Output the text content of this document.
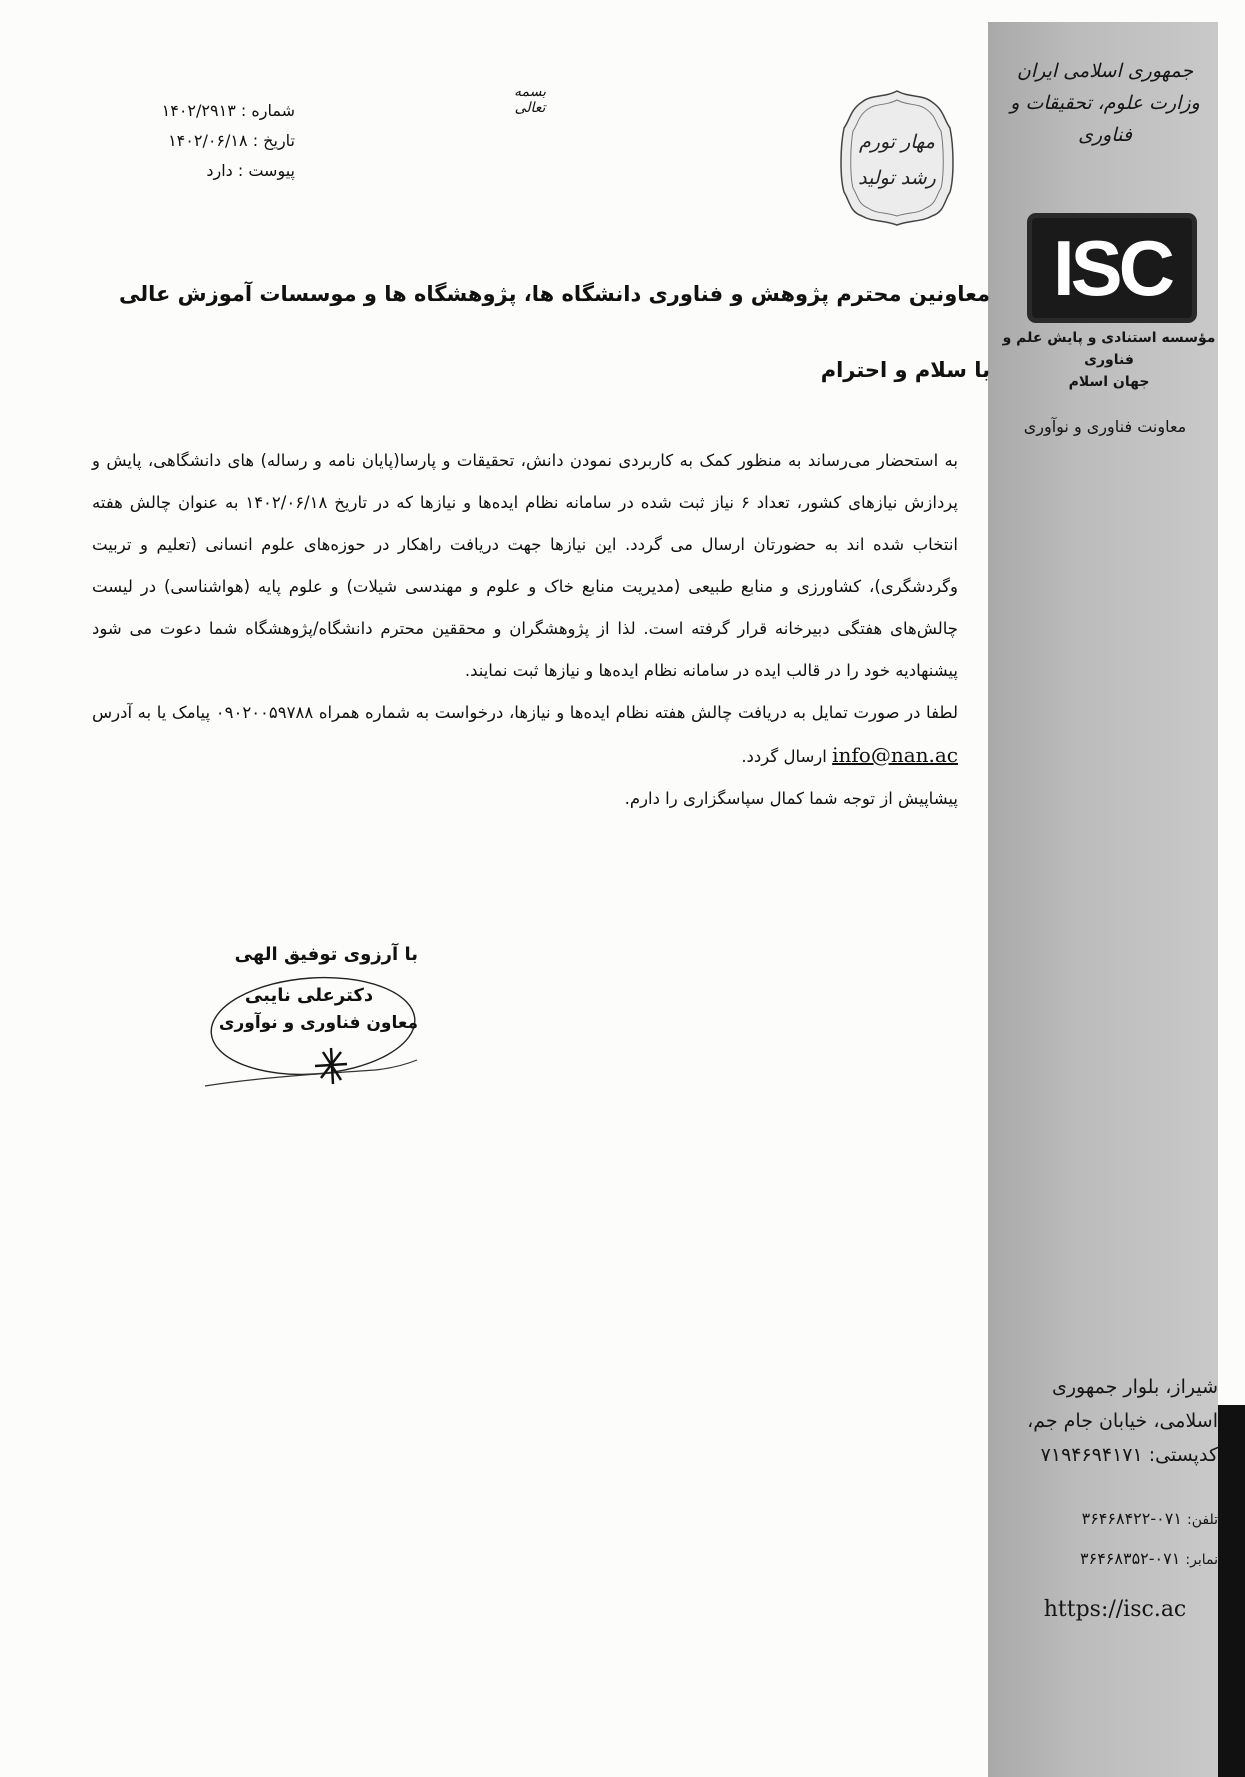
جمهوری اسلامی ایران
وزارت علوم، تحقیقات و فناوری
ISC
مؤسسه استنادی و پایش علم و فناوری
جهان اسلام
معاونت فناوری و نوآوری
شیراز، بلوار جمهوری
اسلامی، خیابان جام جم،
کدپستی: ۷۱۹۴۶۹۴۱۷۱
تلفن: ۰۷۱-۳۶۴۶۸۴۲۲
نمابر: ۰۷۱-۳۶۴۶۸۳۵۲
https://isc.ac
بسمه تعالی
مهار تورم
رشد تولید
شماره : ۱۴۰۲/۲۹۱۳
تاریخ : ۱۴۰۲/۰۶/۱۸
پیوست : دارد
معاونین محترم پژوهش و فناوری دانشگاه ها، پژوهشگاه ها و موسسات آموزش عالی
با سلام و احترام

به استحضار می‌رساند به منظور کمک به کاربردی نمودن دانش، تحقیقات و پارسا(پایان نامه و رساله) های دانشگاهی، پایش و پردازش نیازهای کشور، تعداد ۶ نیاز ثبت شده در سامانه نظام ایده‌ها و نیازها که در تاریخ ۱۴۰۲/۰۶/۱۸ به عنوان چالش هفته انتخاب شده اند به حضورتان ارسال می گردد. این نیازها جهت دریافت راهکار در حوزه‌های علوم انسانی (تعلیم و تربیت وگردشگری)، کشاورزی و منابع طبیعی (مدیریت منابع خاک و علوم و مهندسی شیلات) و علوم پایه (هواشناسی) در لیست چالش‌های هفتگی دبیرخانه قرار گرفته است. لذا از پژوهشگران و محققین محترم دانشگاه/پژوهشگاه شما دعوت می شود پیشنهادیه خود را در قالب ایده در سامانه نظام ایده‌ها و نیازها ثبت نمایند.

لطفا در صورت تمایل به دریافت چالش هفته نظام ایده‌ها و نیازها، درخواست به شماره همراه ۰۹۰۲۰۰۵۹۷۸۸ پیامک یا به آدرس info@nan.ac ارسال گردد.

پیشاپیش از توجه شما کمال سپاسگزاری را دارم.

با آرزوی توفیق الهی
دکترعلی نایبی
معاون فناوری و نوآوری
